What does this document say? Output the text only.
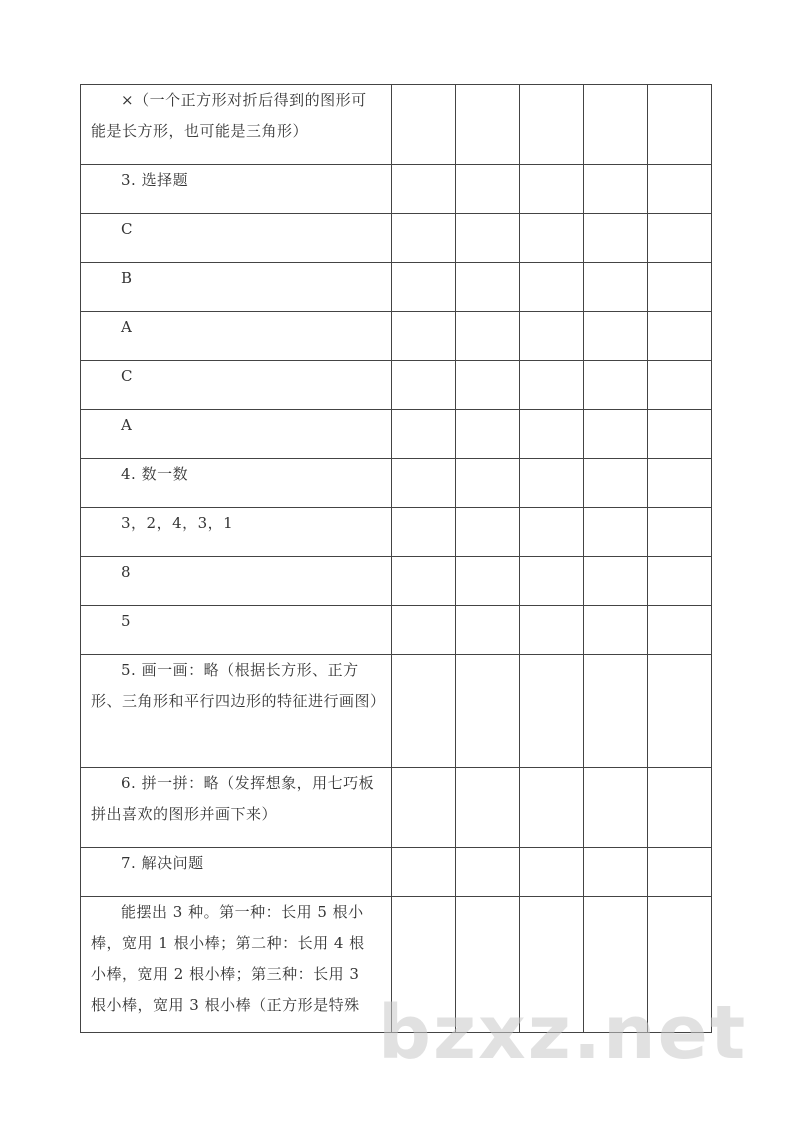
×（一个正方形对折后得到的图形可能是长方形，也可能是三角形）					

3. 选择题					

C					

B					

A					

C					

A					

4. 数一数					

3，2，4，3，1					

8					

5					

5. 画一画：略（根据长方形、正方形、三角形和平行四边形的特征进行画图）					

6. 拼一拼：略（发挥想象，用七巧板拼出喜欢的图形并画下来）					

7. 解决问题					

能摆出 3 种。第一种：长用 5 根小棒，宽用 1 根小棒；第二种：长用 4 根小棒，宽用 2 根小棒；第三种：长用 3 根小棒，宽用 3 根小棒（正方形是特殊					
					bzxz.net
